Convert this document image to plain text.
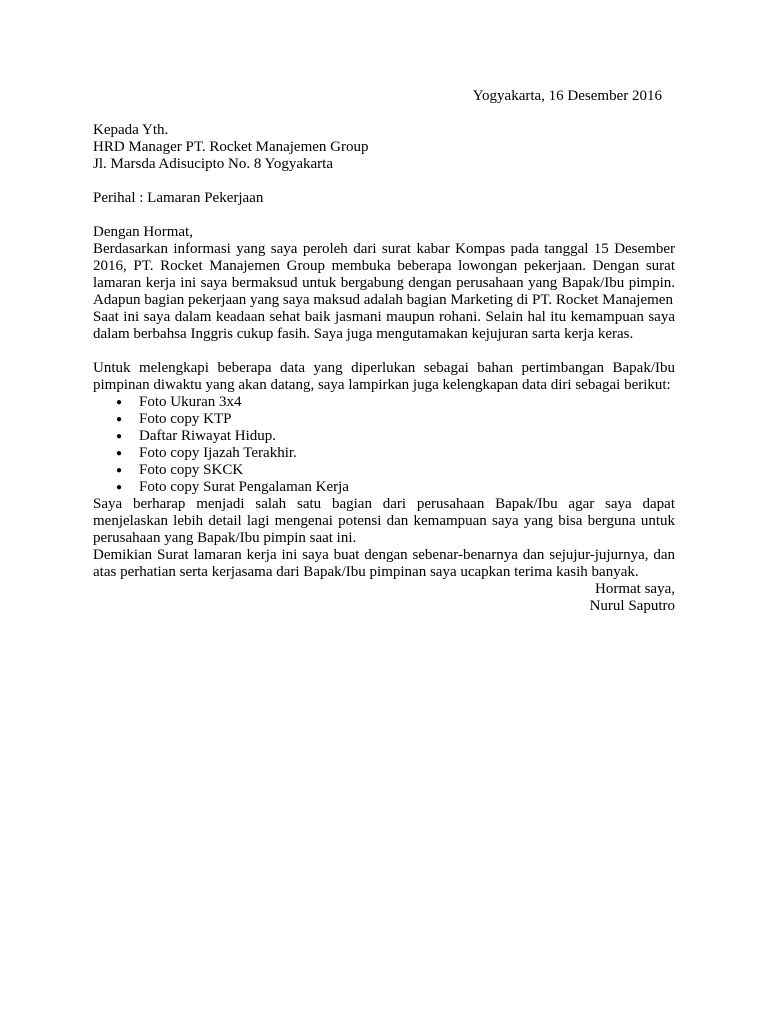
Yogyakarta, 16 Desember 2016

Kepada Yth.
HRD Manager PT. Rocket Manajemen Group
Jl. Marsda Adisucipto No. 8 Yogyakarta

Perihal : Lamaran Pekerjaan

Dengan Hormat,

Berdasarkan informasi yang saya peroleh dari surat kabar Kompas pada tanggal 15 Desember 2016, PT. Rocket Manajemen Group membuka beberapa lowongan pekerjaan. Dengan surat lamaran kerja ini saya bermaksud untuk bergabung dengan perusahaan yang Bapak/Ibu pimpin. Adapun bagian pekerjaan yang saya maksud adalah bagian Marketing di PT. Rocket Manajemen

Saat ini saya dalam keadaan sehat baik jasmani maupun rohani. Selain hal itu kemampuan saya dalam berbahsa Inggris cukup fasih. Saya juga mengutamakan kejujuran sarta kerja keras.

Untuk melengkapi beberapa data yang diperlukan sebagai bahan pertimbangan Bapak/Ibu pimpinan diwaktu yang akan datang, saya lampirkan juga kelengkapan data diri sebagai berikut:

● Foto Ukuran 3x4
● Foto copy KTP
● Daftar Riwayat Hidup.
● Foto copy Ijazah Terakhir.
● Foto copy SKCK
● Foto copy Surat Pengalaman Kerja

Saya berharap menjadi salah satu bagian dari perusahaan Bapak/Ibu agar saya dapat menjelaskan lebih detail lagi mengenai potensi dan kemampuan saya yang bisa berguna untuk perusahaan yang Bapak/Ibu pimpin saat ini.

Demikian Surat lamaran kerja ini saya buat dengan sebenar-benarnya dan sejujur-jujurnya, dan atas perhatian serta kerjasama dari Bapak/Ibu pimpinan saya ucapkan terima kasih banyak.

Hormat saya,

Nurul Saputro
